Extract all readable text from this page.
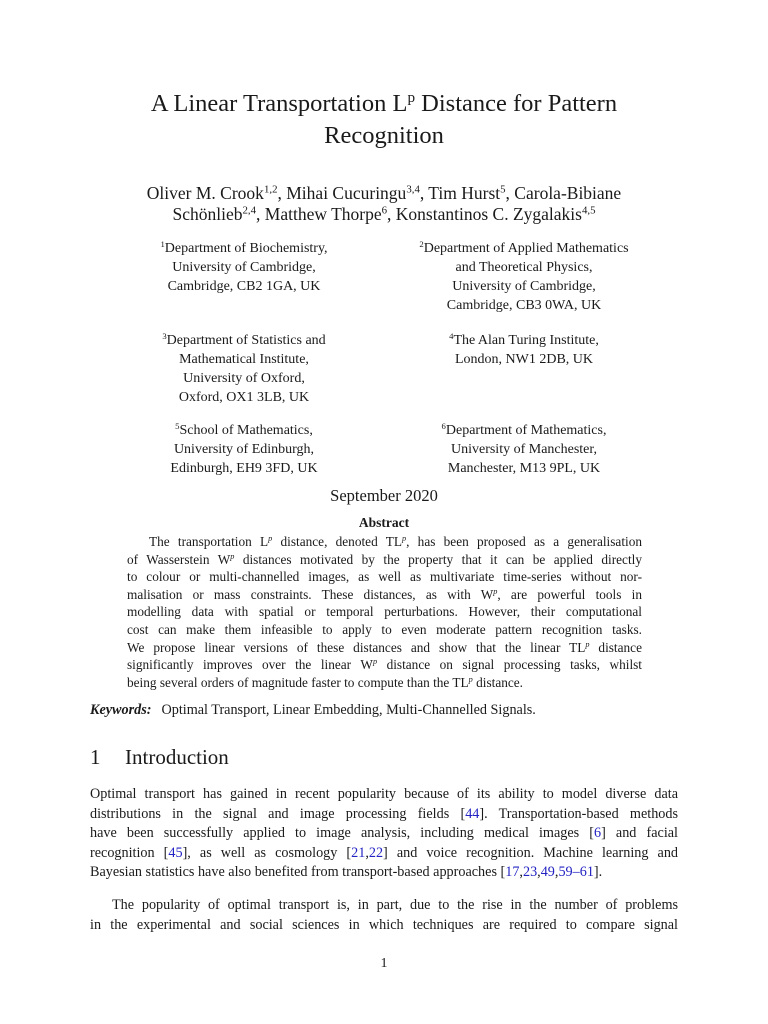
A Linear Transportation $L^p$ Distance for Pattern
Recognition
Oliver M. Crook$^{1,2}$, Mihai Cucuringu$^{3,4}$, Tim Hurst$^5$, Carola-Bibiane
Schönlieb$^{2,4}$, Matthew Thorpe$^6$, Konstantinos C. Zygalakis$^{4,5}$
$^1$Department of Biochemistry,
University of Cambridge,
Cambridge, CB2 1GA, UK
$^2$Department of Applied Mathematics
and Theoretical Physics,
University of Cambridge,
Cambridge, CB3 0WA, UK
$^3$Department of Statistics and
Mathematical Institute,
University of Oxford,
Oxford, OX1 3LB, UK
$^4$The Alan Turing Institute,
London, NW1 2DB, UK
$^5$School of Mathematics,
University of Edinburgh,
Edinburgh, EH9 3FD, UK
$^6$Department of Mathematics,
University of Manchester,
Manchester, M13 9PL, UK
September 2020
Abstract
The transportation $L^p$ distance, denoted $TL^p$, has been proposed as a generalisation
of Wasserstein $W^p$ distances motivated by the property that it can be applied directly
to colour or multi-channelled images, as well as multivariate time-series without nor-
malisation or mass constraints. These distances, as with $W^p$, are powerful tools in
modelling data with spatial or temporal perturbations. However, their computational
cost can make them infeasible to apply to even moderate pattern recognition tasks.
We propose linear versions of these distances and show that the linear $TL^p$ distance
significantly improves over the linear $W^p$ distance on signal processing tasks, whilst
being several orders of magnitude faster to compute than the $TL^p$ distance.
Keywords: Optimal Transport, Linear Embedding, Multi-Channelled Signals.
1 Introduction
Optimal transport has gained in recent popularity because of its ability to model diverse data
distributions in the signal and image processing fields [44]. Transportation-based methods
have been successfully applied to image analysis, including medical images [6] and facial
recognition [45], as well as cosmology [21,22] and voice recognition. Machine learning and
Bayesian statistics have also benefited from transport-based approaches [17,23,49,59–61].
The popularity of optimal transport is, in part, due to the rise in the number of problems
in the experimental and social sciences in which techniques are required to compare signal
1
